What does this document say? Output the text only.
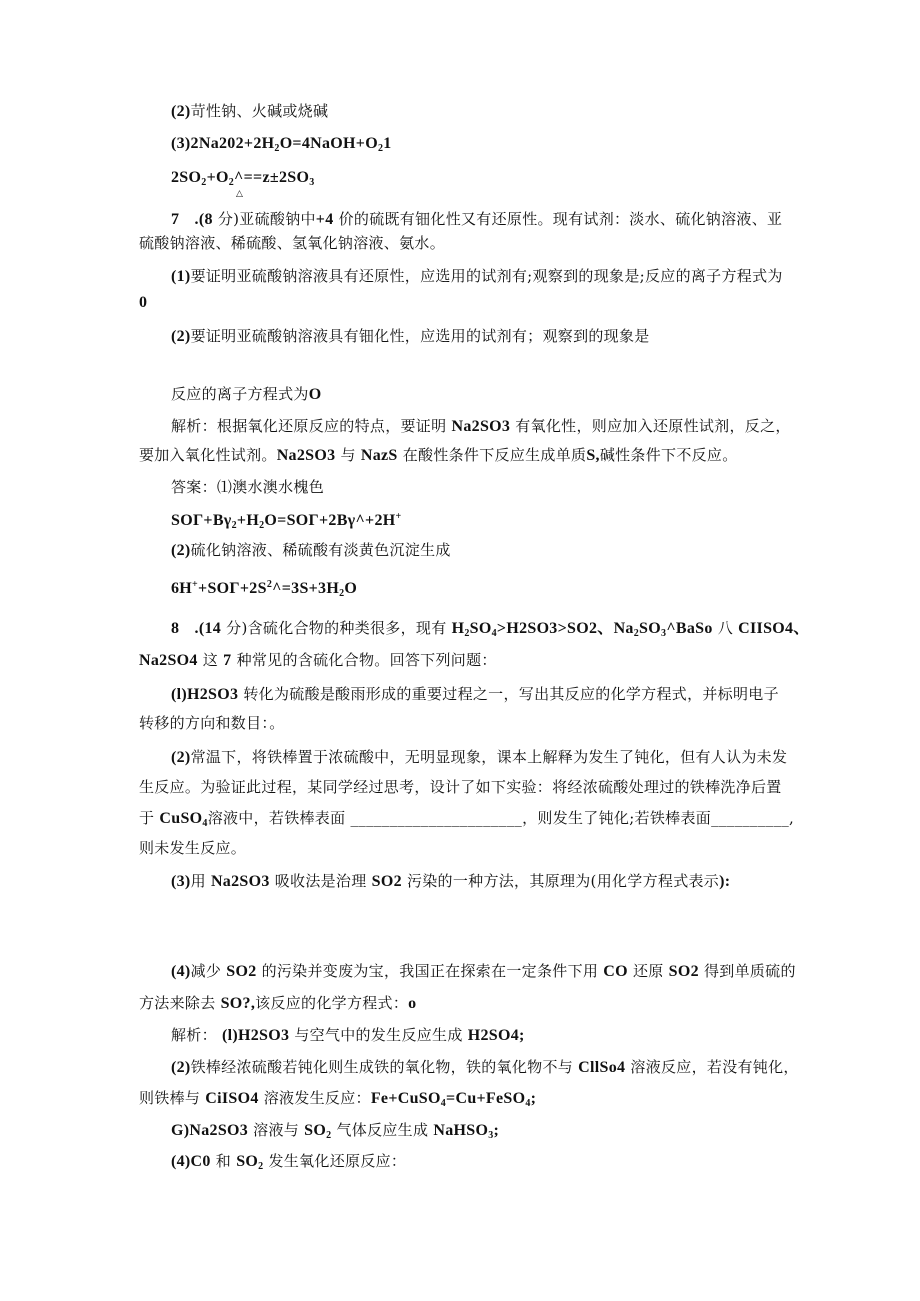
(2)苛性钠、火碱或烧碱
$(3)2Na202+2H_2O=4NaOH+O_21$
$2SO_2+O_2\^{}==z\pm 2SO_3$
△
7 .(8 分)亚硫酸钠中+4 价的硫既有钿化性又有还原性。现有试剂：淡水、硫化钠溶液、亚
硫酸钠溶液、稀硫酸、氢氧化钠溶液、氨水。
(1)要证明亚硫酸钠溶液具有还原性，应选用的试剂有;观察到的现象是;反应的离子方程式为
0
(2)要证明亚硫酸钠溶液具有钿化性，应选用的试剂有；观察到的现象是
反应的离子方程式为O
解析：根据氧化还原反应的特点，要证明 Na2SO3 有氧化性，则应加入还原性试剂，反之，
要加入氧化性试剂。Na2SO3 与 NazS 在酸性条件下反应生成单质S,碱性条件下不反应。
答案：⑴澳水澳水槐色
$SO\Gamma+B\gamma_2+H_2O=SO\Gamma+2B\gamma\^{}+2H^+$
(2)硫化钠溶液、稀硫酸有淡黄色沉淀生成
$6H^++SO\Gamma+2S^2\^{}=3S+3H_2O$
8 .(14 分)含硫化合物的种类很多，现有 $H_2SO_4>H2SO3>SO2$、$Na_2SO_3\^{}BaSo$ 八 CIISO4、
Na2SO4 这 7 种常见的含硫化合物。回答下列问题：
(l)H2SO3 转化为硫酸是酸雨形成的重要过程之一，写出其反应的化学方程式，并标明电子
转移的方向和数目：。
(2)常温下，将铁棒置于浓硫酸中，无明显现象，课本上解释为发生了钝化，但有人认为未发
生反应。为验证此过程，某同学经过思考，设计了如下实验：将经浓硫酸处理过的铁棒洗净后置
于 CuSO$_4$溶液中，若铁棒表面 ______________________，则发生了钝化;若铁棒表面__________,
则未发生反应。
(3)用 Na2SO3 吸收法是治理 SO2 污染的一种方法，其原理为(用化学方程式表示):
(4)减少 SO2 的污染并变废为宝，我国正在探索在一定条件下用 CO 还原 SO2 得到单质硫的
方法来除去 SO?,该反应的化学方程式：o
解析： (l)H2SO3 与空气中的发生反应生成 H2SO4;
(2)铁棒经浓硫酸若钝化则生成铁的氧化物，铁的氧化物不与 CllSo4 溶液反应，若没有钝化，
则铁棒与 CiISO4 溶液发生反应：Fe+CuSO$_4$=Cu+FeSO$_4$;
G)Na2SO3 溶液与 $SO_2$ 气体反应生成 NaHSO$_3$;
(4)C0 和 $SO_2$ 发生氧化还原反应：
